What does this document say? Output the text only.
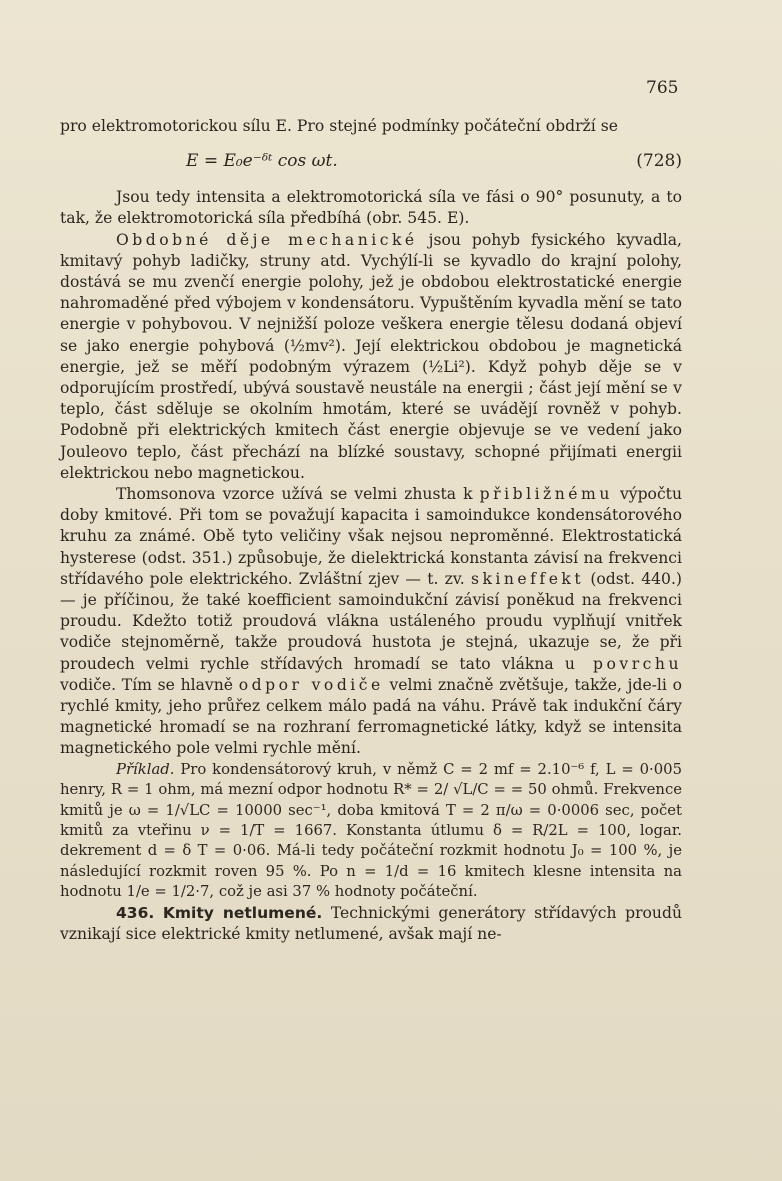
765

pro elektromotorickou sílu E. Pro stejné podmínky počáteční obdrží se

E = E₀e⁻ᵟᵗ cos ωt.	(728)

Jsou tedy intensita a elektromotorická síla ve fási o 90° posunuty, a to tak, že elektromotorická síla předbíhá (obr. 545. E).

Obdobné děje mechanické jsou pohyb fysického kyvadla, kmitavý pohyb ladičky, struny atd. Vychýlí-li se kyvadlo do krajní polohy, dostává se mu zvenčí energie polohy, jež je obdobou elektrostatické energie nahromaděné před výbojem v kondensátoru. Vypuštěním kyvadla mění se tato energie v pohybovou. V nejnižší poloze veškera energie tělesu dodaná objeví se jako energie pohybová (½mv²). Její elektrickou obdobou je magnetická energie, jež se měří podobným výrazem (½Li²). Když pohyb děje se v odporujícím prostředí, ubývá soustavě neustále na energii ; část její mění se v teplo, část sděluje se okolním hmotám, které se uvádějí rovněž v pohyb. Podobně při elektrických kmitech část energie objevuje se ve vedení jako Jouleovo teplo, část přechází na blízké soustavy, schopné přijímati energii elektrickou nebo magnetickou.

Thomsonova vzorce užívá se velmi zhusta k přibližnému výpočtu doby kmitové. Při tom se považují kapacita i samoindukce kondensátorového kruhu za známé. Obě tyto veličiny však nejsou neproměnné. Elektrostatická hysterese (odst. 351.) způsobuje, že dielektrická konstanta závisí na frekvenci střídavého pole elektrického. Zvláštní zjev — t. zv. skineffekt (odst. 440.) — je příčinou, že také koefficient samoindukční závisí poněkud na frekvenci proudu. Kdežto totiž proudová vlákna ustáleného proudu vyplňují vnitřek vodiče stejnoměrně, takže proudová hustota je stejná, ukazuje se, že při proudech velmi rychle střídavých hromadí se tato vlákna u povrchu vodiče. Tím se hlavně odpor vodiče velmi značně zvětšuje, takže, jde-li o rychlé kmity, jeho průřez celkem málo padá na váhu. Právě tak indukční čáry magnetické hromadí se na rozhraní ferromagnetické látky, když se intensita magnetického pole velmi rychle mění.

Příklad. Pro kondensátorový kruh, v němž C = 2 mf = 2.10⁻⁶ f, L = 0·005 henry, R = 1 ohm, má mezní odpor hodnotu R* = 2/ √L/C = = 50 ohmů. Frekvence kmitů je ω = 1/√LC = 10000 sec⁻¹, doba kmitová T = 2 π/ω = 0·0006 sec, počet kmitů za vteřinu ν = 1/T = 1667. Konstanta útlumu δ = R/2L = 100, logar. dekrement d = δ T = 0·06. Má-li tedy počáteční rozkmit hodnotu J₀ = 100 %, je následující rozkmit roven 95 %. Po n = 1/d = 16 kmitech klesne intensita na hodnotu 1/e = 1/2·7, což je asi 37 % hodnoty počáteční.

436. Kmity netlumené. Technickými generátory střídavých proudů vznikají sice elektrické kmity netlumené, avšak mají ne-
